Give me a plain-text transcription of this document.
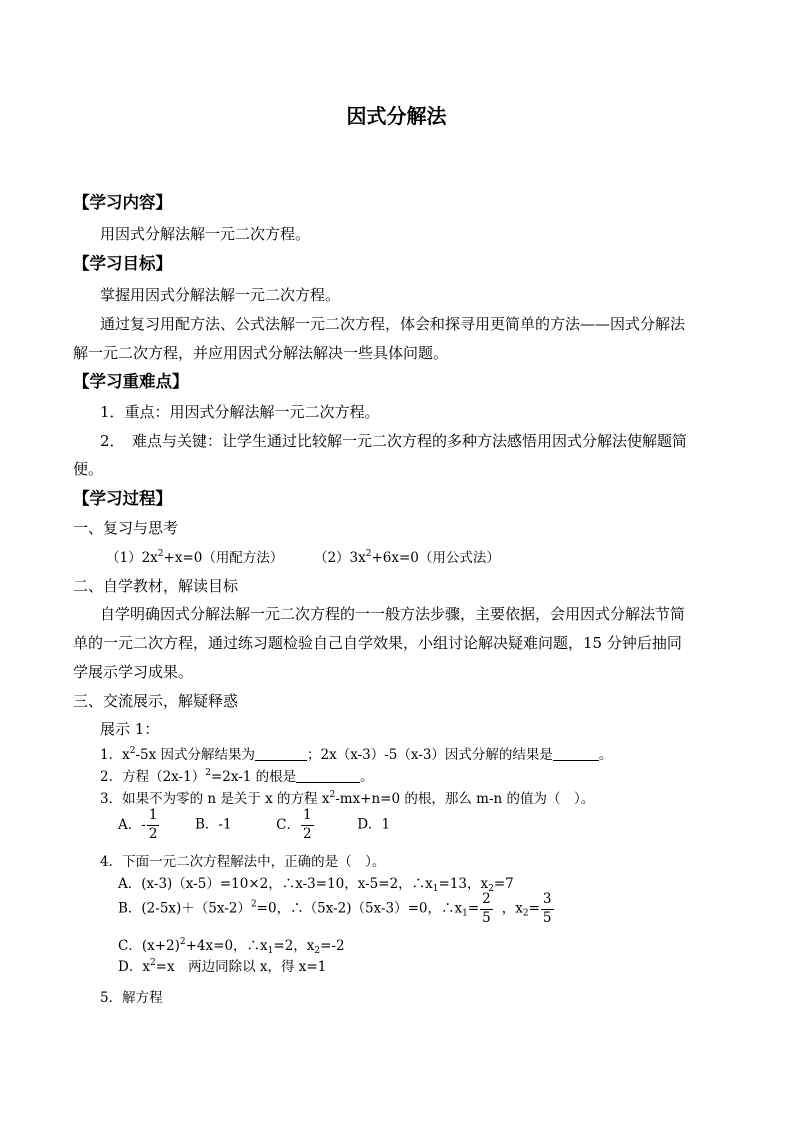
因式分解法
【学习内容】
用因式分解法解一元二次方程。
【学习目标】
掌握用因式分解法解一元二次方程。
通过复习用配方法、公式法解一元二次方程，体会和探寻用更简单的方法——因式分解法
解一元二次方程，并应用因式分解法解决一些具体问题。
【学习重难点】
1．重点：用因式分解法解一元二次方程。
2．　难点与关键：让学生通过比较解一元二次方程的多种方法感悟用因式分解法使解题简
便。
【学习过程】
一、复习与思考
$(1)2x^2+x=0$（用配方法） $(2)3x^2+6x=0$（用公式法）
二、自学教材，解读目标
自学明确因式分解法解一元二次方程的一一般方法步骤，主要依据，会用因式分解法节简
单的一元二次方程，通过练习题检验自己自学效果，小组讨论解决疑难问题，15 分钟后抽同
学展示学习成果。
三、交流展示，解疑释惑
展示 1：
1．$x^2-5x$ 因式分解结果为	；2x（x-3）-5（x-3）因式分解的结果是	。
2．方程$(2x-1)^2=2x-1$ 的根是	。
3．如果不为零的 n 是关于 x 的方程 $x^2-mx+n=0$ 的根，那么 m-n 的值为（　）。
A．- $\frac{1}{2}$	B．-1	C． $\frac{1}{2}$	D．1
4．下面一元二次方程解法中，正确的是（　）。
A．(x-3)（x-5）=10×2，∴x-3=10，x-5=2，$\therefore x_1=13$，$x_2=7$
B．$(2-5x)+(5x-2)^2=0$，∴（5x-2)（5x-3）=0，$\therefore x_1= \frac{2}{5}$ ，$x_2= \frac{3}{5}$
C．$(x+2)^2+4x=0$，$\therefore x_1=2$，$x_2=-2$
D．$x^2=x$　两边同除以 x，得 x=1
5．解方程
